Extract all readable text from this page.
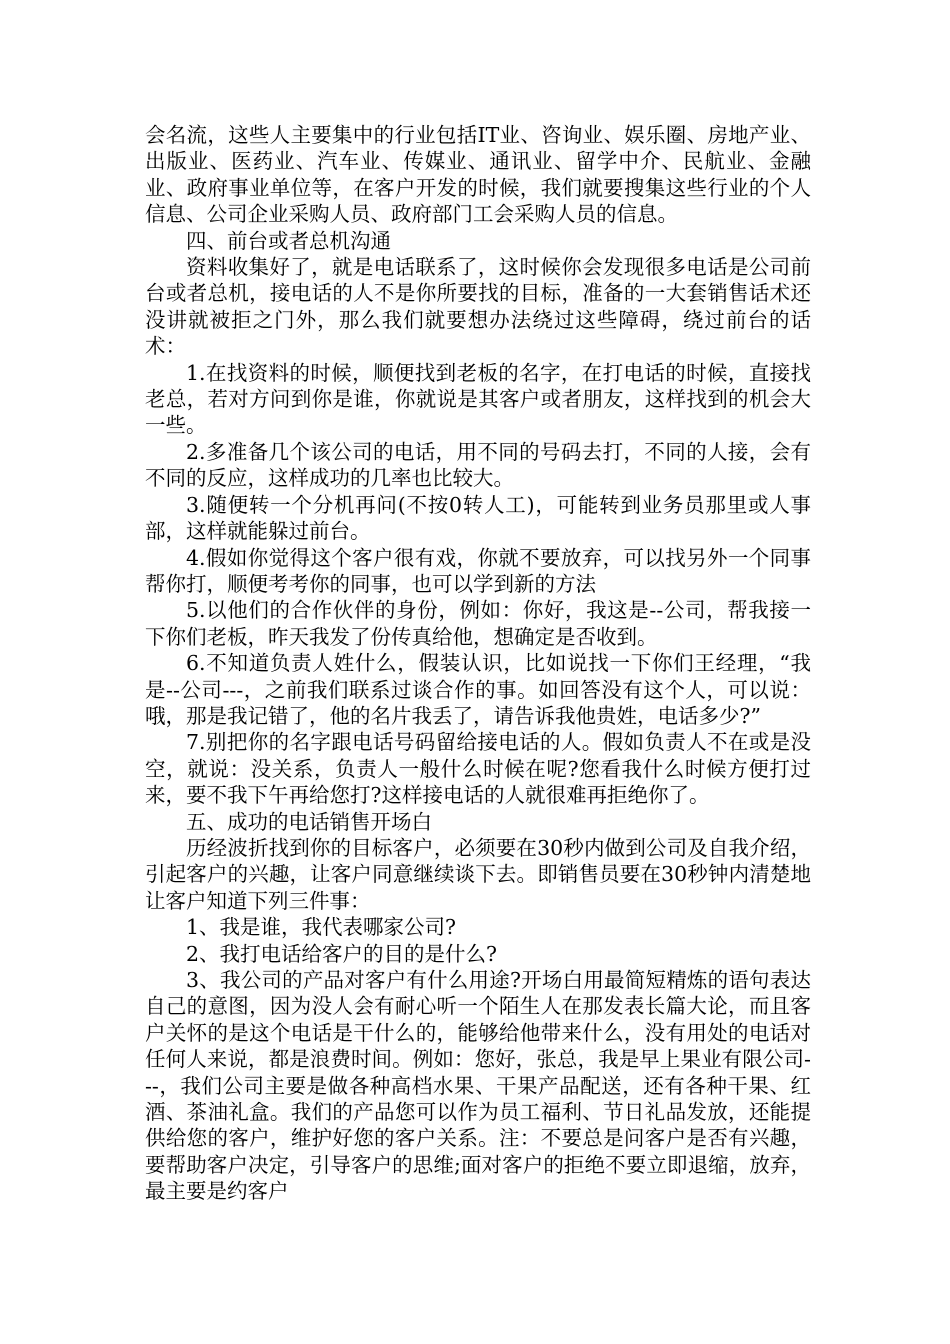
会名流，这些人主要集中的行业包括IT业、咨询业、娱乐圈、房地产业、出版业、医药业、汽车业、传媒业、通讯业、留学中介、民航业、金融业、政府事业单位等，在客户开发的时候，我们就要搜集这些行业的个人信息、公司企业采购人员、政府部门工会采购人员的信息。

四、前台或者总机沟通

资料收集好了，就是电话联系了，这时候你会发现很多电话是公司前台或者总机，接电话的人不是你所要找的目标，准备的一大套销售话术还没讲就被拒之门外，那么我们就要想办法绕过这些障碍，绕过前台的话术：

1.在找资料的时候，顺便找到老板的名字，在打电话的时候，直接找老总，若对方问到你是谁，你就说是其客户或者朋友，这样找到的机会大一些。

2.多准备几个该公司的电话，用不同的号码去打，不同的人接，会有不同的反应，这样成功的几率也比较大。

3.随便转一个分机再问(不按0转人工)，可能转到业务员那里或人事部，这样就能躲过前台。

4.假如你觉得这个客户很有戏，你就不要放弃，可以找另外一个同事帮你打，顺便考考你的同事，也可以学到新的方法

5.以他们的合作伙伴的身份，例如：你好，我这是--公司，帮我接一下你们老板，昨天我发了份传真给他，想确定是否收到。

6.不知道负责人姓什么，假装认识，比如说找一下你们王经理，“我是--公司---，之前我们联系过谈合作的事。如回答没有这个人，可以说：哦，那是我记错了，他的名片我丢了，请告诉我他贵姓，电话多少?”

7.别把你的名字跟电话号码留给接电话的人。假如负责人不在或是没空，就说：没关系，负责人一般什么时候在呢?您看我什么时候方便打过来，要不我下午再给您打?这样接电话的人就很难再拒绝你了。

五、成功的电话销售开场白

历经波折找到你的目标客户，必须要在30秒内做到公司及自我介绍，引起客户的兴趣，让客户同意继续谈下去。即销售员要在30秒钟内清楚地让客户知道下列三件事：

1、我是谁，我代表哪家公司?

2、我打电话给客户的目的是什么?

3、我公司的产品对客户有什么用途?开场白用最简短精炼的语句表达自己的意图，因为没人会有耐心听一个陌生人在那发表长篇大论，而且客户关怀的是这个电话是干什么的，能够给他带来什么，没有用处的电话对任何人来说，都是浪费时间。例如：您好，张总，我是早上果业有限公司---，我们公司主要是做各种高档水果、干果产品配送，还有各种干果、红酒、茶油礼盒。我们的产品您可以作为员工福利、节日礼品发放，还能提供给您的客户，维护好您的客户关系。注：不要总是问客户是否有兴趣，要帮助客户决定，引导客户的思维;面对客户的拒绝不要立即退缩，放弃，最主要是约客户
